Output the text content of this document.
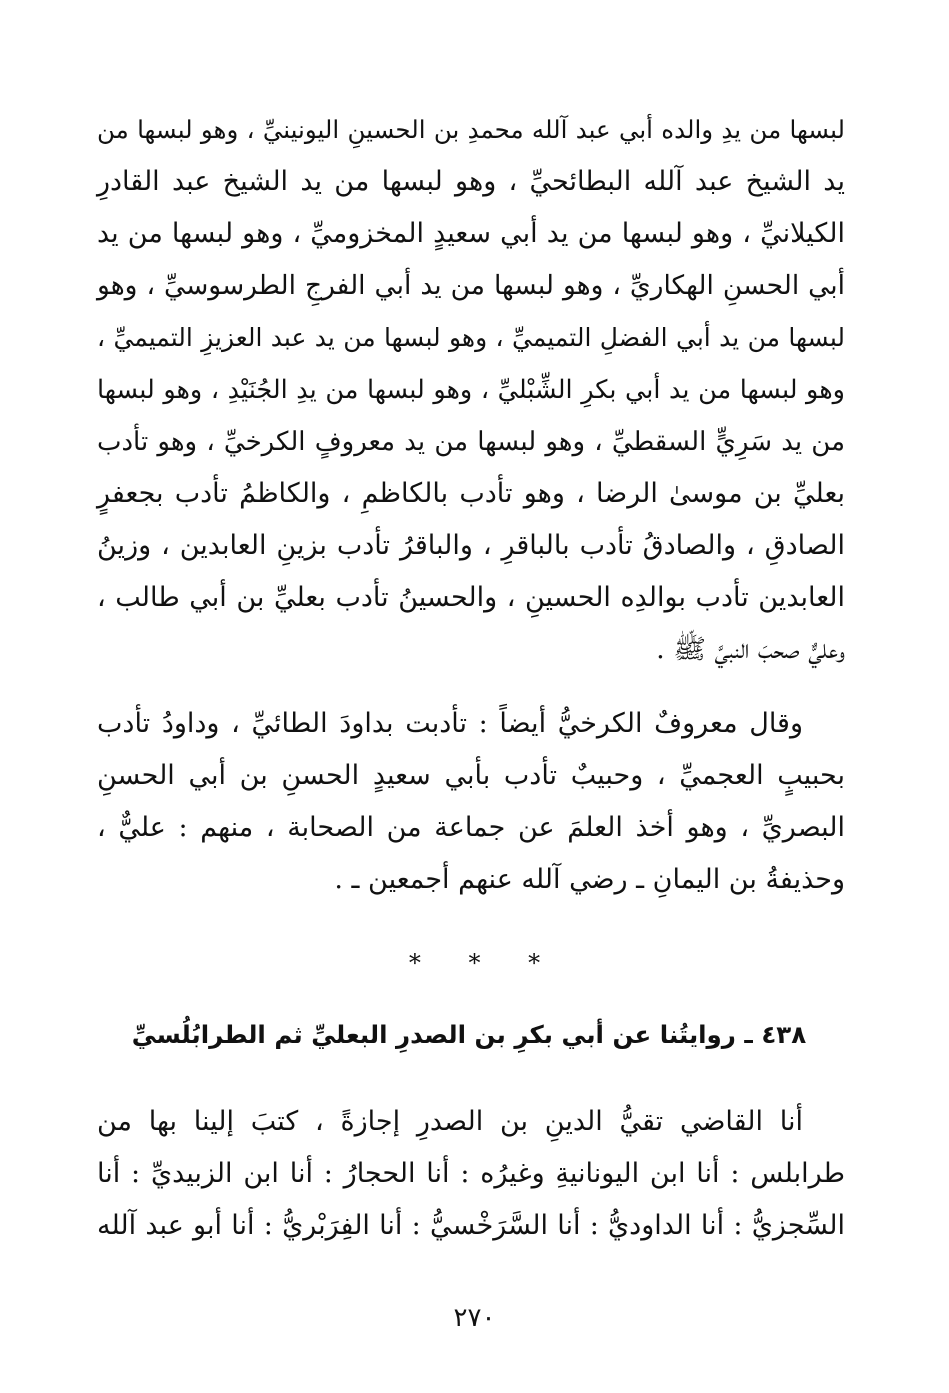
لبسها من يدِ والده أبي عبد آلله محمدِ بن الحسينِ اليونينيِّ ، وهو لبسها من
يد الشيخ عبد آلله البطائحيِّ ، وهو لبسها من يد الشيخ عبد القادرِ
الكيلانيِّ ، وهو لبسها من يد أبي سعيدٍ المخزوميِّ ، وهو لبسها من يد
أبي الحسنِ الهكاريِّ ، وهو لبسها من يد أبي الفرجِ الطرسوسيِّ ، وهو
لبسها من يد أبي الفضلِ التميميِّ ، وهو لبسها من يد عبد العزيزِ التميميِّ ،
وهو لبسها من يد أبي بكرِ الشِّبْليِّ ، وهو لبسها من يدِ الجُنَيْدِ ، وهو لبسها
من يد سَرِيٍّ السقطيِّ ، وهو لبسها من يد معروفٍ الكرخيِّ ، وهو تأدب
بعليِّ بن موسىٰ الرضا ، وهو تأدب بالكاظمِ ، والكاظمُ تأدب بجعفرٍ
الصادقِ ، والصادقُ تأدب بالباقرِ ، والباقرُ تأدب بزينِ العابدين ، وزينُ
العابدين تأدب بوالدِه الحسينِ ، والحسينُ تأدب بعليِّ بن أبي طالب ،
وعليٌّ صحبَ النبيَّ ﷺ .
وقال معروفٌ الكرخيُّ أيضاً : تأدبت بداودَ الطائيِّ ، وداودُ تأدب
بحبيبٍ العجميِّ ، وحبيبٌ تأدب بأبي سعيدٍ الحسنِ بن أبي الحسنِ
البصريِّ ، وهو أخذ العلمَ عن جماعة من الصحابة ، منهم : عليٌّ ،
وحذيفةُ بن اليمانِ ـ رضي آلله عنهم أجمعين ـ .
* * *
٤٣٨ ـ روايتُنا عن أبي بكرِ بن الصدرِ البعليِّ ثم الطرابُلُسيِّ
أنا القاضي تقيُّ الدينِ بن الصدرِ إجازةً ، كتبَ إلينا بها من
طرابلس : أنا ابن اليونانيةِ وغيرُه : أنا الحجارُ : أنا ابن الزبيديِّ : أنا
السِّجزيُّ : أنا الداوديُّ : أنا السَّرَخْسيُّ : أنا الفِرَبْريُّ : أنا أبو عبد آلله
٢٧٠
